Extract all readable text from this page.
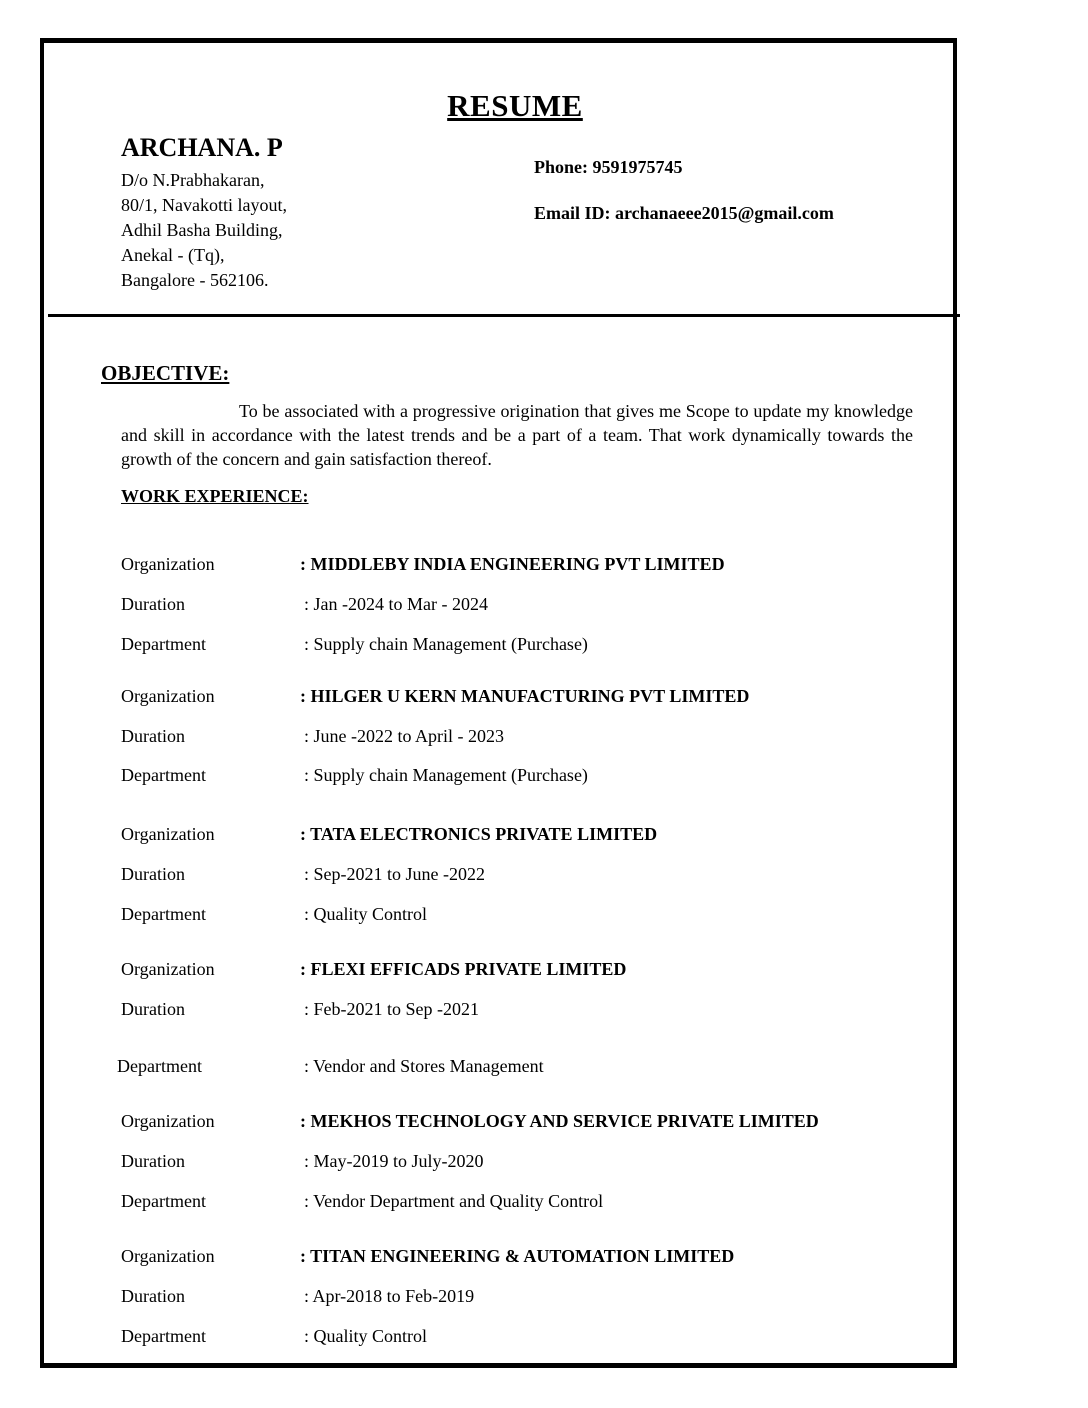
RESUME
ARCHANA. P
D/o N.Prabhakaran,
80/1, Navakotti layout,
Adhil Basha Building,
Anekal - (Tq),
Bangalore - 562106.
Phone: 9591975745
Email ID: archanaeee2015@gmail.com
OBJECTIVE:
To be associated with a progressive origination that gives me Scope to update my knowledge and skill in accordance with the latest trends and be a part of a team. That work dynamically towards the growth of the concern and gain satisfaction thereof.
WORK EXPERIENCE:
Organization	: MIDDLEBY INDIA ENGINEERING PVT LIMITED
Duration	: Jan -2024 to Mar - 2024
Department	: Supply chain Management (Purchase)
Organization	: HILGER U KERN MANUFACTURING PVT LIMITED
Duration	: June -2022 to April - 2023
Department	: Supply chain Management (Purchase)
Organization	: TATA ELECTRONICS PRIVATE LIMITED
Duration	: Sep-2021 to June -2022
Department	: Quality Control
Organization	: FLEXI EFFICADS PRIVATE LIMITED
Duration	: Feb-2021 to Sep -2021
Department	: Vendor and Stores Management
Organization	: MEKHOS TECHNOLOGY AND SERVICE PRIVATE LIMITED
Duration	: May-2019 to July-2020
Department	: Vendor Department and Quality Control
Organization	: TITAN ENGINEERING & AUTOMATION LIMITED
Duration	: Apr-2018 to Feb-2019
Department	: Quality Control
